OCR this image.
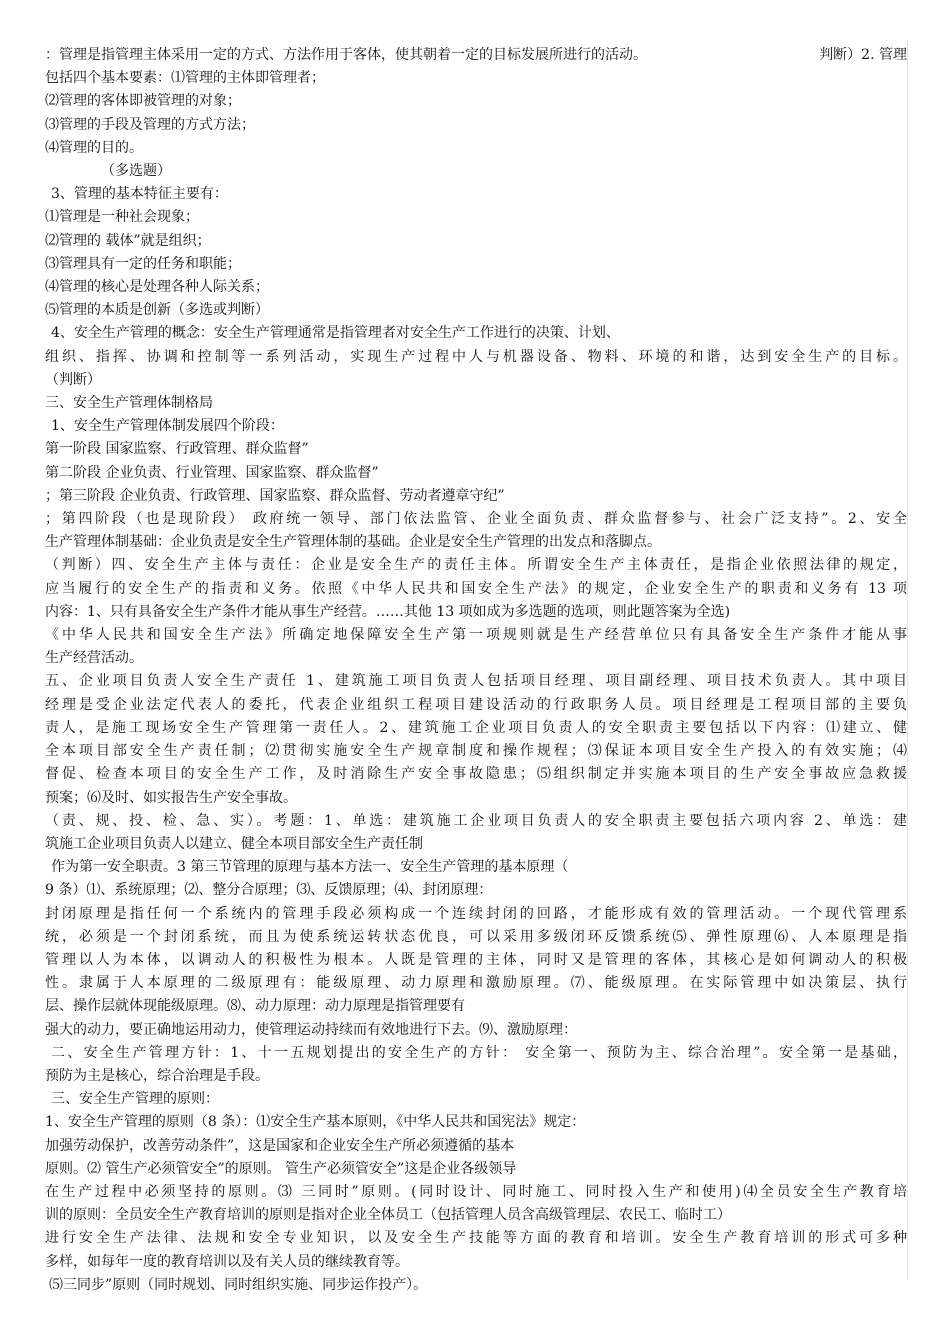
：管理是指管理主体采用一定的方式、方法作用于客体，使其朝着一定的目标发展所进行的活动。	判断）2. 管理
包括四个基本要素：⑴管理的主体即管理者；
⑵管理的客体即被管理的对象；
⑶管理的手段及管理的方式方法；
⑷管理的目的。
（多选题）
3、管理的基本特征主要有：
⑴管理是一种社会现象；
⑵管理的 载体”就是组织；
⑶管理具有一定的任务和职能；
⑷管理的核心是处理各种人际关系；
⑸管理的本质是创新（多选或判断）
4、安全生产管理的概念：安全生产管理通常是指管理者对安全生产工作进行的决策、计划、
组织、指挥、协调和控制等一系列活动，实现生产过程中人与机器设备、物料、环境的和谐，达到安全生产的目标。
（判断）
三、安全生产管理体制格局
1、安全生产管理体制发展四个阶段：
第一阶段 国家监察、行政管理、群众监督”
第二阶段 企业负责、行业管理、国家监察、群众监督”
；第三阶段 企业负责、行政管理、国家监察、群众监督、劳动者遵章守纪”
；第四阶段（也是现阶段） 政府统一领导、部门依法监管、企业全面负责、群众监督参与、社会广泛支持”。2、安全
生产管理体制基础：企业负责是安全生产管理体制的基础。企业是安全生产管理的出发点和落脚点。
（判断）四、安全生产主体与责任：企业是安全生产的责任主体。所谓安全生产主体责任，是指企业依照法律的规定，
应当履行的安全生产的指责和义务。依照《中华人民共和国安全生产法》的规定，企业安全生产的职责和义务有 13 项
内容：1、只有具备安全生产条件才能从事生产经营。……其他 13 项如成为多选题的选项，则此题答案为全选)
《中华人民共和国安全生产法》所确定地保障安全生产第一项规则就是生产经营单位只有具备安全生产条件才能从事
生产经营活动。
五、企业项目负责人安全生产责任 1、建筑施工项目负责人包括项目经理、项目副经理、项目技术负责人。其中项目
经理是受企业法定代表人的委托，代表企业组织工程项目建设活动的行政职务人员。项目经理是工程项目部的主要负
责人，是施工现场安全生产管理第一责任人。2、建筑施工企业项目负责人的安全职责主要包括以下内容：⑴建立、健
全本项目部安全生产责任制；⑵贯彻实施安全生产规章制度和操作规程；⑶保证本项目安全生产投入的有效实施；⑷
督促、检查本项目的安全生产工作，及时消除生产安全事故隐患；⑸组织制定并实施本项目的生产安全事故应急救援
预案；⑹及时、如实报告生产安全事故。
（责、规、投、检、急、实）。考题：1、单选：建筑施工企业项目负责人的安全职责主要包括六项内容 2、单选：建
筑施工企业项目负责人以建立、健全本项目部安全生产责任制
作为第一安全职责。3 第三节管理的原理与基本方法一、安全生产管理的基本原理（
9 条）⑴、系统原理；⑵、整分合原理；⑶、反馈原理；⑷、封闭原理：
封闭原理是指任何一个系统内的管理手段必须构成一个连续封闭的回路，才能形成有效的管理活动。一个现代管理系
统，必须是一个封闭系统，而且为使系统运转状态优良，可以采用多级闭环反馈系统⑸、弹性原理⑹、人本原理是指
管理以人为本体，以调动人的积极性为根本。人既是管理的主体，同时又是管理的客体，其核心是如何调动人的积极
性。隶属于人本原理的二级原理有：能级原理、动力原理和激励原理。⑺、能级原理。在实际管理中如决策层、执行
层、操作层就体现能级原理。⑻、动力原理：动力原理是指管理要有
强大的动力，要正确地运用动力，使管理运动持续而有效地进行下去。⑼、激励原理：
二、安全生产管理方针：1、十一五规划提出的安全生产的方针： 安全第一、预防为主、综合治理”。安全第一是基础，
预防为主是核心，综合治理是手段。
三、安全生产管理的原则：
1、安全生产管理的原则（8 条）：⑴安全生产基本原则，《中华人民共和国宪法》规定：
加强劳动保护，改善劳动条件”，这是国家和企业安全生产所必须遵循的基本
原则。⑵ 管生产必须管安全”的原则。 管生产必须管安全”这是企业各级领导
在生产过程中必须坚持的原则。⑶ 三同时”原则。(同时设计、同时施工、同时投入生产和使用)⑷全员安全生产教育培
训的原则：全员安全生产教育培训的原则是指对企业全体员工（包括管理人员含高级管理层、农民工、临时工）
进行安全生产法律、法规和安全专业知识，以及安全生产技能等方面的教育和培训。安全生产教育培训的形式可多种
多样，如每年一度的教育培训以及有关人员的继续教育等。
⑸三同步”原则（同时规划、同时组织实施、同步运作投产）。
